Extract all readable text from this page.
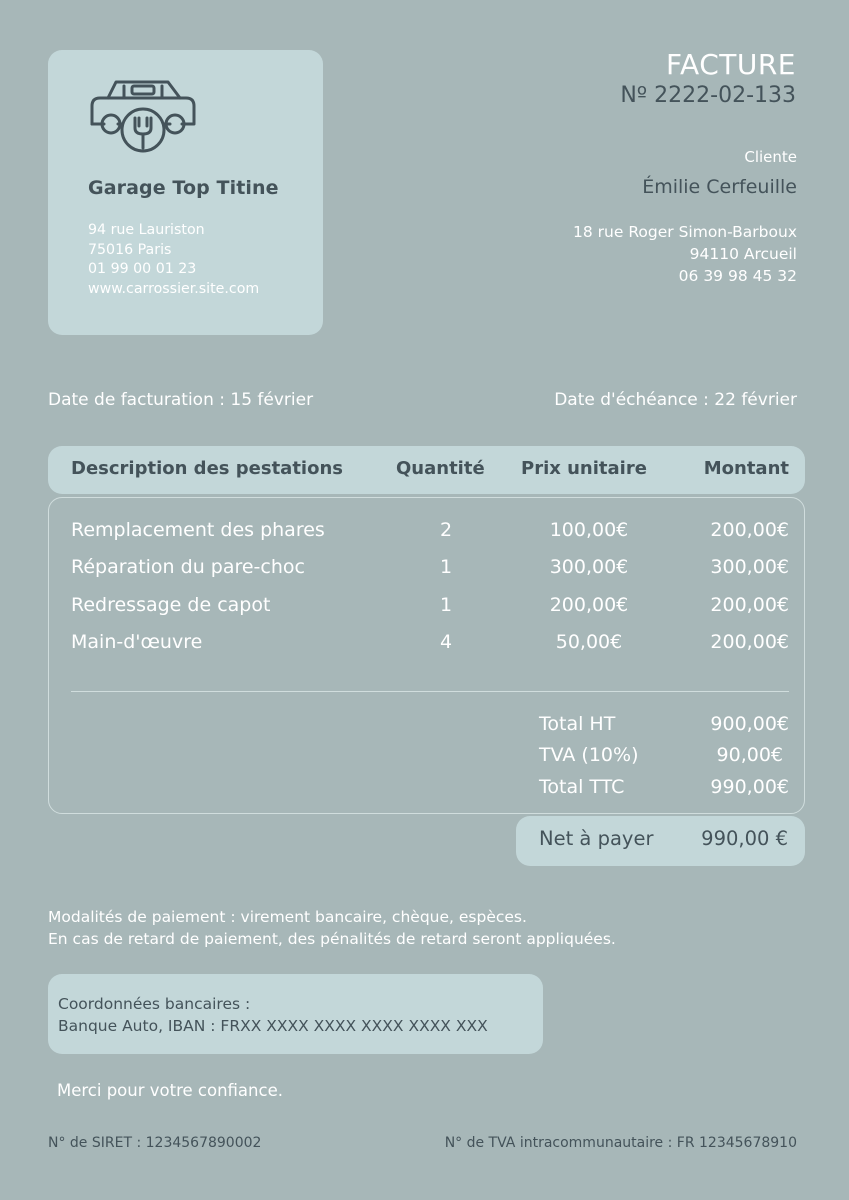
Garage Top Titine
94 rue Lauriston
75016 Paris
01 99 00 01 23
www.carrossier.site.com
FACTURE
Nº 2222-02-133
Cliente
Émilie Cerfeuille
18 rue Roger Simon-Barboux
94110 Arcueil
06 39 98 45 32
Date de facturation : 15 février	Date d'échéance : 22 février
Description des pestations	Quantité Prix unitaire	Montant
Remplacement des phares	2	100,00€	200,00€
Réparation du pare-choc	1	300,00€	300,00€
Redressage de capot	1	200,00€	200,00€
Main-d'œuvre	4	50,00€	200,00€
Total HT	900,00€
TVA (10%)	90,00€
Total TTC	990,00€
Net à payer 990,00 €
Modalités de paiement : virement bancaire, chèque, espèces.
En cas de retard de paiement, des pénalités de retard seront appliquées.
Coordonnées bancaires :
Banque Auto, IBAN : FRXX XXXX XXXX XXXX XXXX XXX
Merci pour votre confiance.
N° de SIRET : 1234567890002	N° de TVA intracommunautaire : FR 12345678910
